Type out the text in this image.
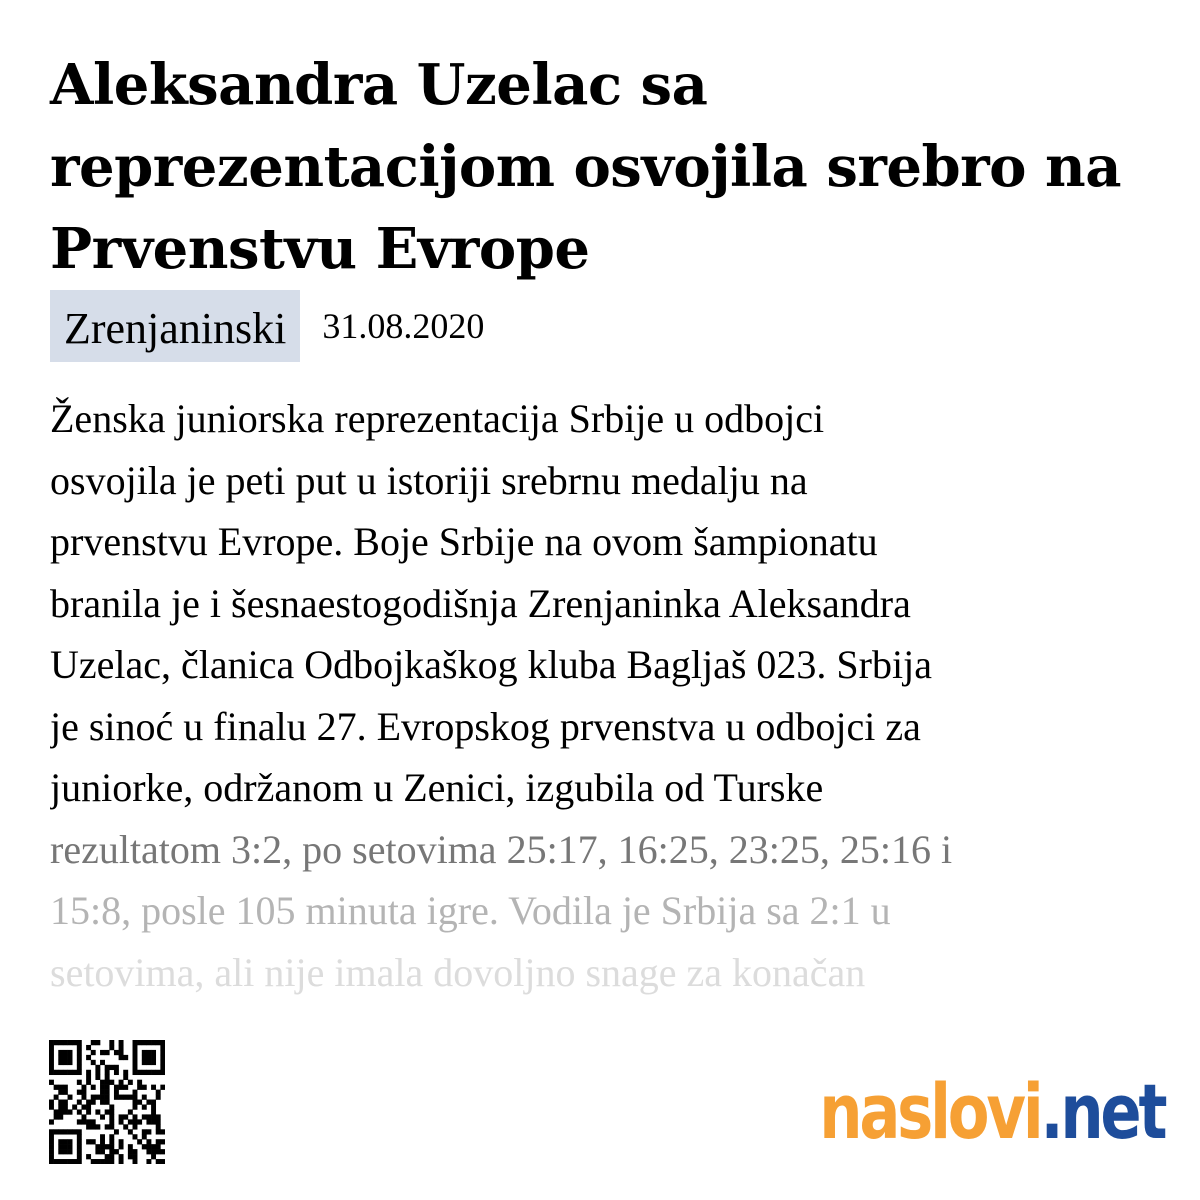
Aleksandra Uzelac sa reprezentacijom osvojila srebro na Prvenstvu Evrope
Zrenjaninski	31.08.2020
Ženska juniorska reprezentacija Srbije u odbojci
osvojila je peti put u istoriji srebrnu medalju na
prvenstvu Evrope. Boje Srbije na ovom šampionatu
branila je i šesnaestogodišnja Zrenjaninka Aleksandra
Uzelac, članica Odbojkaškog kluba Bagljaš 023. Srbija
je sinoć u finalu 27. Evropskog prvenstva u odbojci za
juniorke, održanom u Zenici, izgubila od Turske
rezultatom 3:2, po setovima 25:17, 16:25, 23:25, 25:16 i
15:8, posle 105 minuta igre. Vodila je Srbija sa 2:1 u
setovima, ali nije imala dovoljno snage za konačan
naslovi.net
